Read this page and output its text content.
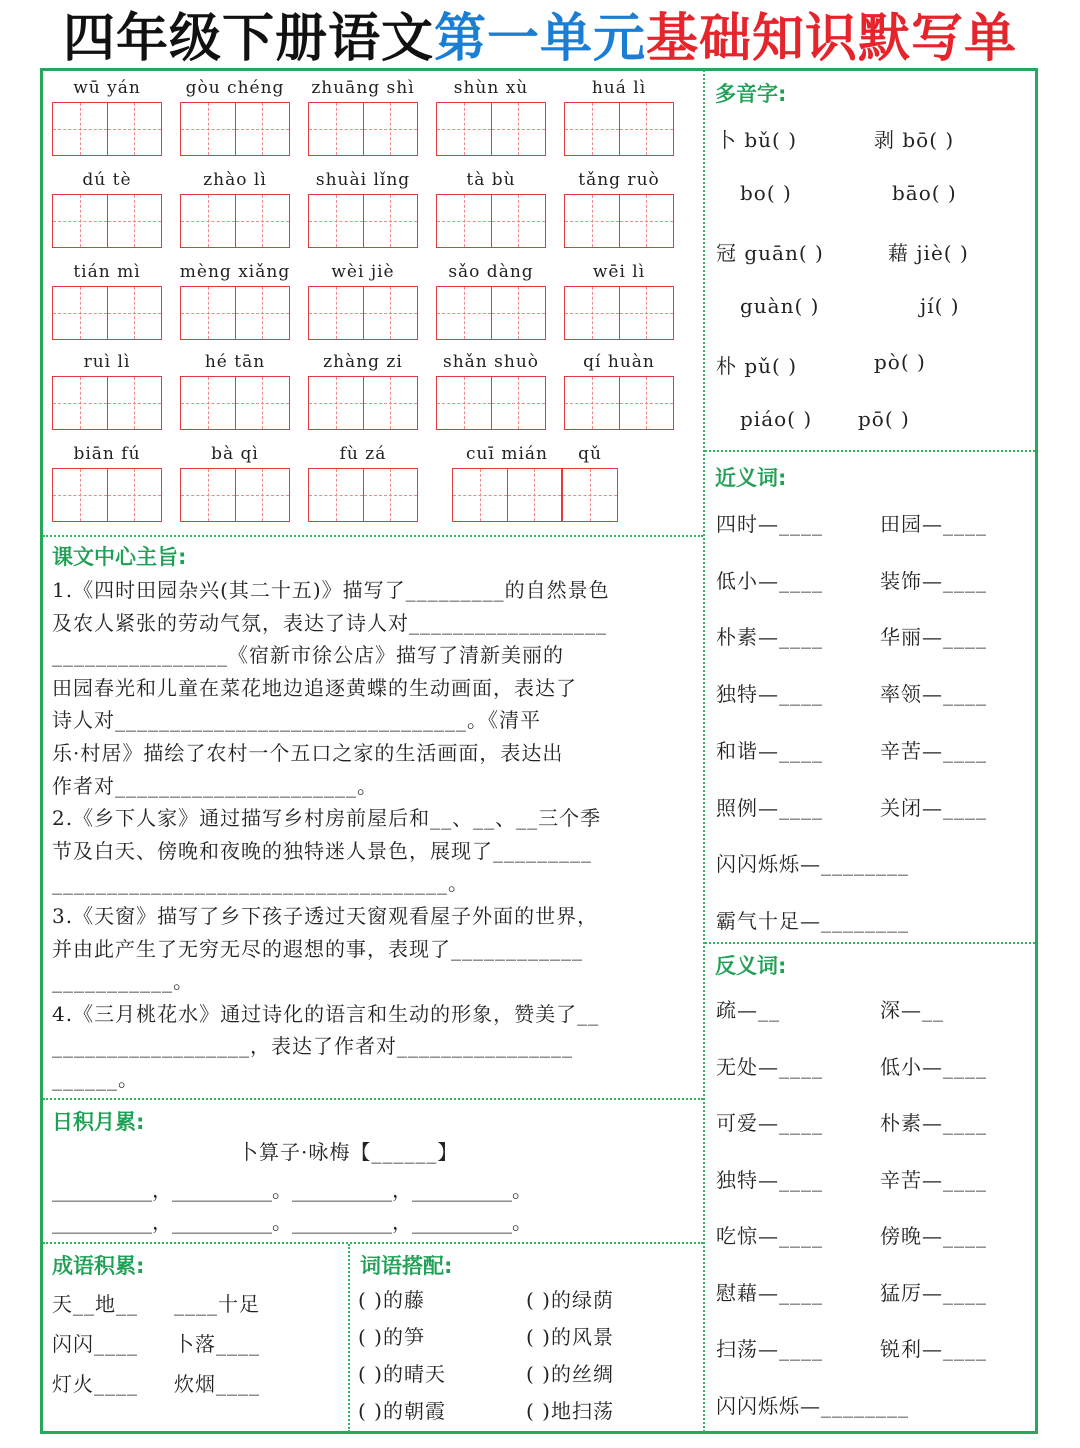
四年级下册语文 第一单元 基础知识默写单
wū yán	gòu chéng	zhuāng shì	shùn xù	huá lì
dú tè	zhào lì	shuài lǐng	tà bù	tǎng ruò
tián mì	mèng xiǎng	wèi jiè	sǎo dàng	wēi lì
ruì lì	hé tān	zhàng zi	shǎn shuò	qí huàn
biān fú	bà qì	fù zá	cuī mián	qǔ
课文中心主旨:
1.《四时田园杂兴(其二十五)》描写了_________的自然景色
及农人紧张的劳动气氛，表达了诗人对__________________
________________《宿新市徐公店》描写了清新美丽的
田园春光和儿童在菜花地边追逐黄蝶的生动画面，表达了
诗人对________________________________。《清平
乐·村居》描绘了农村一个五口之家的生活画面，表达出
作者对______________________。
2.《乡下人家》通过描写乡村房前屋后和__、__、__三个季
节及白天、傍晚和夜晚的独特迷人景色，展现了_________
____________________________________。
3.《天窗》描写了乡下孩子透过天窗观看屋子外面的世界，
并由此产生了无穷无尽的遐想的事，表现了____________
___________。
4.《三月桃花水》通过诗化的语言和生动的形象，赞美了__
__________________，表达了作者对________________
______。
日积月累:
卜算子·咏梅【______】
__________，__________。__________，__________。
__________，__________。__________，__________。
成语积累:
天__地__ ____十足
闪闪____ 卜落____
灯火____ 炊烟____
词语搭配:
( )的藤	( )的绿荫
( )的笋	( )的风景
( )的晴天	( )的丝绸
( )的朝霞	( )地扫荡
多音字:
卜 bǔ( )	剥 bō( )
bo( )	bāo( )
冠 guān( )	藉 jiè( )
guàn( )	jí( )
朴 pǔ( )	pò( )
piáo( ) pō( )
近义词:
四时—____	田园—____
低小—____	装饰—____
朴素—____	华丽—____
独特—____	率领—____
和谐—____	辛苦—____
照例—____	关闭—____
闪闪烁烁—________
霸气十足—________
反义词:
疏—__	深—__
无处—____	低小—____
可爱—____	朴素—____
独特—____	辛苦—____
吃惊—____	傍晚—____
慰藉—____	猛厉—____
扫荡—____	锐利—____
闪闪烁烁—________
